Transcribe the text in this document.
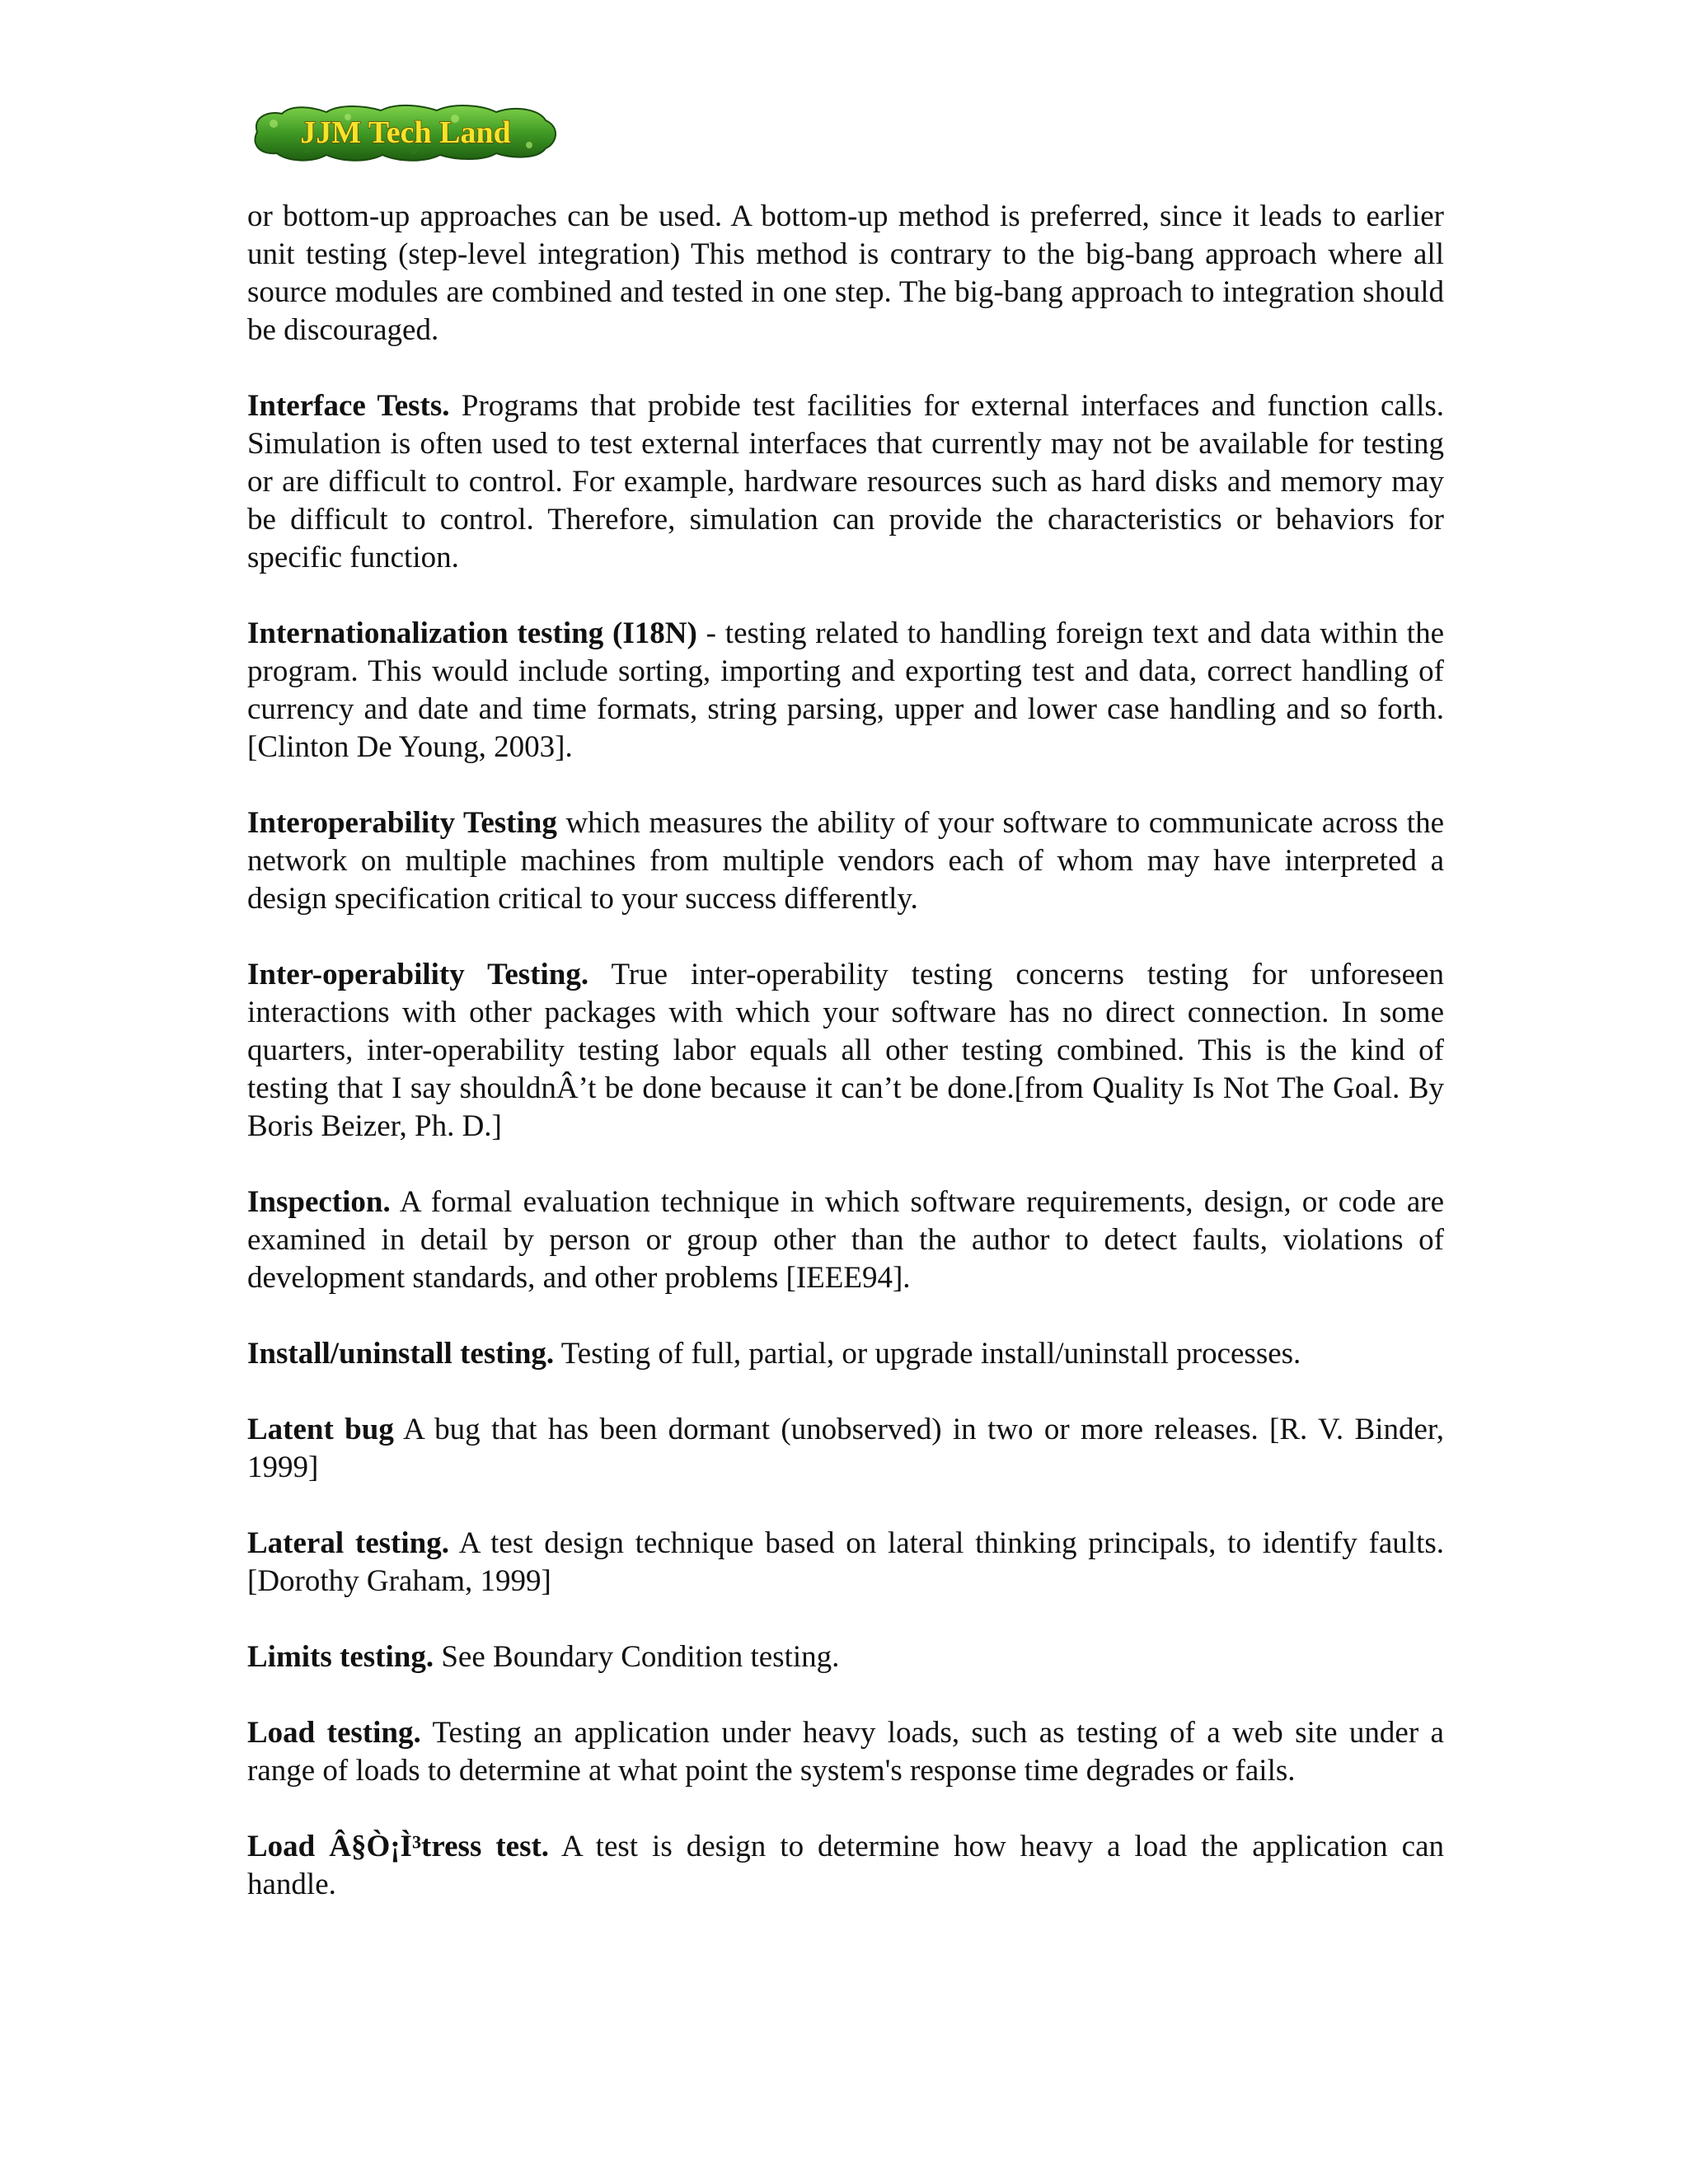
JJM Tech Land

or bottom-up approaches can be used. A bottom-up method is preferred, since it leads to earlier unit testing (step-level integration) This method is contrary to the big-bang approach where all source modules are combined and tested in one step. The big-bang approach to integration should be discouraged.

Interface Tests. Programs that probide test facilities for external interfaces and function calls. Simulation is often used to test external interfaces that currently may not be available for testing or are difficult to control. For example, hardware resources such as hard disks and memory may be difficult to control. Therefore, simulation can provide the characteristics or behaviors for specific function.

Internationalization testing (I18N) - testing related to handling foreign text and data within the program. This would include sorting, importing and exporting test and data, correct handling of currency and date and time formats, string parsing, upper and lower case handling and so forth. [Clinton De Young, 2003].

Interoperability Testing which measures the ability of your software to communicate across the network on multiple machines from multiple vendors each of whom may have interpreted a design specification critical to your success differently.

Inter-operability Testing. True inter-operability testing concerns testing for unforeseen interactions with other packages with which your software has no direct connection. In some quarters, inter-operability testing labor equals all other testing combined. This is the kind of testing that I say shouldnÂ’t be done because it can’t be done.[from Quality Is Not The Goal. By Boris Beizer, Ph. D.]

Inspection. A formal evaluation technique in which software requirements, design, or code are examined in detail by person or group other than the author to detect faults, violations of development standards, and other problems [IEEE94].

Install/uninstall testing. Testing of full, partial, or upgrade install/uninstall processes.

Latent bug A bug that has been dormant (unobserved) in two or more releases. [R. V. Binder, 1999]

Lateral testing. A test design technique based on lateral thinking principals, to identify faults. [Dorothy Graham, 1999]

Limits testing. See Boundary Condition testing.

Load testing. Testing an application under heavy loads, such as testing of a web site under a range of loads to determine at what point the system's response time degrades or fails.

Load Â§Ò¡Ì³tress test. A test is design to determine how heavy a load the application can handle.
